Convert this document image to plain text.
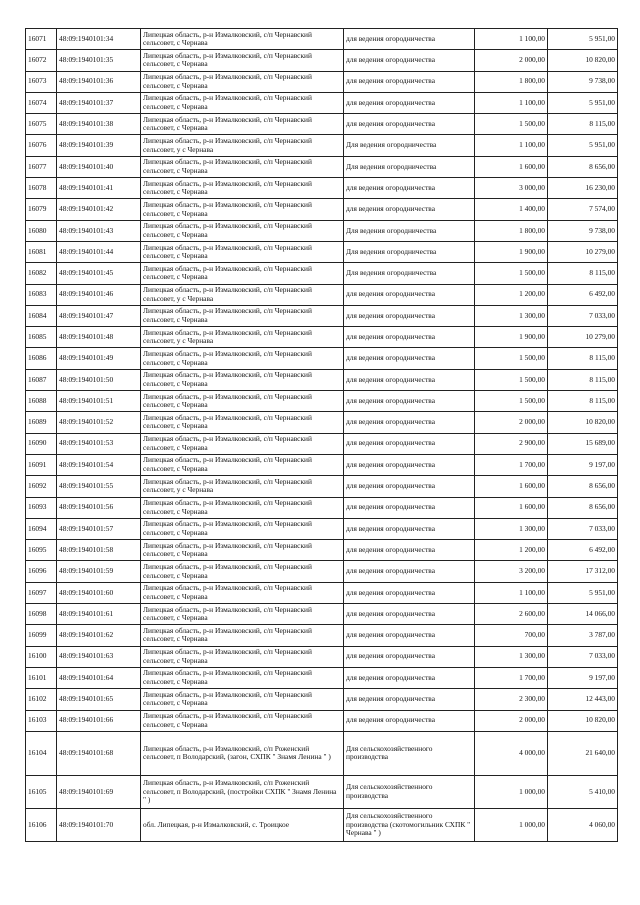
16071	48:09:1940101:34	Липецкая область, р-н Измалковский, с/п Чернавский сельсовет, с Чернава	для ведения огородничества	1 100,00	5 951,00
16072	48:09:1940101:35	Липецкая область, р-н Измалковский, с/п Чернавский сельсовет, с Чернава	для ведения огородничества	2 000,00	10 820,00
16073	48:09:1940101:36	Липецкая область, р-н Измалковский, с/п Чернавский сельсовет, с Чернава	для ведения огородничества	1 800,00	9 738,00
16074	48:09:1940101:37	Липецкая область, р-н Измалковский, с/п Чернавский сельсовет, с Чернава	для ведения огородничества	1 100,00	5 951,00
16075	48:09:1940101:38	Липецкая область, р-н Измалковский, с/п Чернавский сельсовет, с Чернава	для ведения огородничества	1 500,00	8 115,00
16076	48:09:1940101:39	Липецкая область, р-н Измалковский, с/п Чернавский сельсовет, у с Чернава	Для ведения огородничества	1 100,00	5 951,00
16077	48:09:1940101:40	Липецкая область, р-н Измалковский, с/п Чернавский сельсовет, с Чернава	Для ведения огородничества	1 600,00	8 656,00
16078	48:09:1940101:41	Липецкая область, р-н Измалковский, с/п Чернавский сельсовет, с Чернава	для ведения огородничества	3 000,00	16 230,00
16079	48:09:1940101:42	Липецкая область, р-н Измалковский, с/п Чернавский сельсовет, с Чернава	для ведения огородничества	1 400,00	7 574,00
16080	48:09:1940101:43	Липецкая область, р-н Измалковский, с/п Чернавский сельсовет, с Чернава	Для ведения огородничества	1 800,00	9 738,00
16081	48:09:1940101:44	Липецкая область, р-н Измалковский, с/п Чернавский сельсовет, с Чернава	Для ведения огородничества	1 900,00	10 279,00
16082	48:09:1940101:45	Липецкая область, р-н Измалковский, с/п Чернавский сельсовет, с Чернава	Для ведения огородничества	1 500,00	8 115,00
16083	48:09:1940101:46	Липецкая область, р-н Измалковский, с/п Чернавский сельсовет, у с Чернава	для ведения огородничества	1 200,00	6 492,00
16084	48:09:1940101:47	Липецкая область, р-н Измалковский, с/п Чернавский сельсовет, с Чернава	для ведения огородничества	1 300,00	7 033,00
16085	48:09:1940101:48	Липецкая область, р-н Измалковский, с/п Чернавский сельсовет, у с Чернава	для ведения огородничества	1 900,00	10 279,00
16086	48:09:1940101:49	Липецкая область, р-н Измалковский, с/п Чернавский сельсовет, с Чернава	для ведения огородничества	1 500,00	8 115,00
16087	48:09:1940101:50	Липецкая область, р-н Измалковский, с/п Чернавский сельсовет, с Чернава	для ведения огородничества	1 500,00	8 115,00
16088	48:09:1940101:51	Липецкая область, р-н Измалковский, с/п Чернавский сельсовет, с Чернава	для ведения огородничества	1 500,00	8 115,00
16089	48:09:1940101:52	Липецкая область, р-н Измалковский, с/п Чернавский сельсовет, с Чернава	для ведения огородничества	2 000,00	10 820,00
16090	48:09:1940101:53	Липецкая область, р-н Измалковский, с/п Чернавский сельсовет, с Чернава	для ведения огородничества	2 900,00	15 689,00
16091	48:09:1940101:54	Липецкая область, р-н Измалковский, с/п Чернавский сельсовет, с Чернава	для ведения огородничества	1 700,00	9 197,00
16092	48:09:1940101:55	Липецкая область, р-н Измалковский, с/п Чернавский сельсовет, у с Чернава	для ведения огородничества	1 600,00	8 656,00
16093	48:09:1940101:56	Липецкая область, р-н Измалковский, с/п Чернавский сельсовет, с Чернава	для ведения огородничества	1 600,00	8 656,00
16094	48:09:1940101:57	Липецкая область, р-н Измалковский, с/п Чернавский сельсовет, с Чернава	для ведения огородничества	1 300,00	7 033,00
16095	48:09:1940101:58	Липецкая область, р-н Измалковский, с/п Чернавский сельсовет, с Чернава	для ведения огородничества	1 200,00	6 492,00
16096	48:09:1940101:59	Липецкая область, р-н Измалковский, с/п Чернавский сельсовет, с Чернава	для ведения огородничества	3 200,00	17 312,00
16097	48:09:1940101:60	Липецкая область, р-н Измалковский, с/п Чернавский сельсовет, с Чернава	для ведения огородничества	1 100,00	5 951,00
16098	48:09:1940101:61	Липецкая область, р-н Измалковский, с/п Чернавский сельсовет, с Чернава	для ведения огородничества	2 600,00	14 066,00
16099	48:09:1940101:62	Липецкая область, р-н Измалковский, с/п Чернавский сельсовет, с Чернава	для ведения огородничества	700,00	3 787,00
16100	48:09:1940101:63	Липецкая область, р-н Измалковский, с/п Чернавский сельсовет, с Чернава	для ведения огородничества	1 300,00	7 033,00
16101	48:09:1940101:64	Липецкая область, р-н Измалковский, с/п Чернавский сельсовет, с Чернава	для ведения огородничества	1 700,00	9 197,00
16102	48:09:1940101:65	Липецкая область, р-н Измалковский, с/п Чернавский сельсовет, с Чернава	для ведения огородничества	2 300,00	12 443,00
16103	48:09:1940101:66	Липецкая область, р-н Измалковский, с/п Чернавский сельсовет, с Чернава	для ведения огородничества	2 000,00	10 820,00
16104	48:09:1940101:68	Липецкая область, р-н Измалковский, с/п Роженский сельсовет, п Володарский, (загон, СХПК " Знамя Ленина " )	Для сельскохозяйственного производства	4 000,00	21 640,00
16105	48:09:1940101:69	Липецкая область, р-н Измалковский, с/п Роженский сельсовет, п Володарский, (постройки СХПК " Знамя Ленина " )	Для сельскохозяйственного производства	1 000,00	5 410,00
16106	48:09:1940101:70	обл. Липецкая, р-н Измалковский, с. Троицкое	Для сельскохозяйственного производства (скотомогильник СХПК " Чернава " )	1 000,00	4 060,00
